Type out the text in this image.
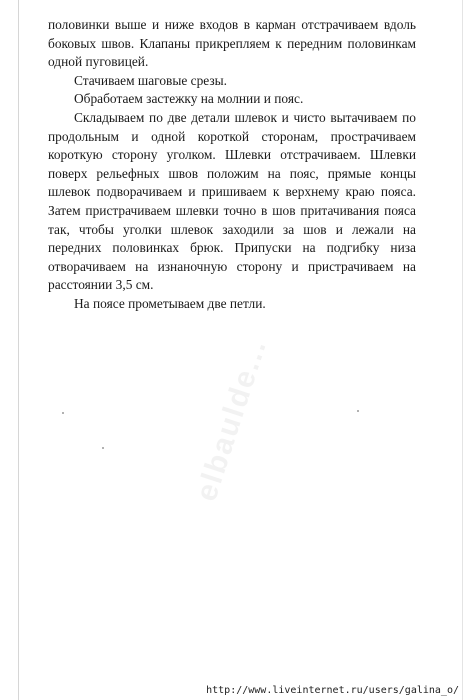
половинки выше и ниже входов в карман отстрачиваем вдоль боковых швов. Клапаны прикрепляем к передним половинкам одной пуговицей.

Стачиваем шаговые срезы.

Обработаем застежку на молнии и пояс.

Складываем по две детали шлевок и чисто вытачиваем по продольным и одной короткой сторонам, прострачиваем короткую сторону уголком. Шлевки отстрачиваем. Шлевки поверх рельефных швов положим на пояс, прямые концы шлевок подворачиваем и пришиваем к верхнему краю пояса. Затем пристрачиваем шлевки точно в шов притачивания пояса так, чтобы уголки шлевок заходили за шов и лежали на передних половинках брюк. Припуски на подгибку низа отворачиваем на изнаночную сторону и пристрачиваем на расстоянии 3,5 см.

На поясе прометываем две петли.

elbaulde...
http://www.liveinternet.ru/users/galina_o/
